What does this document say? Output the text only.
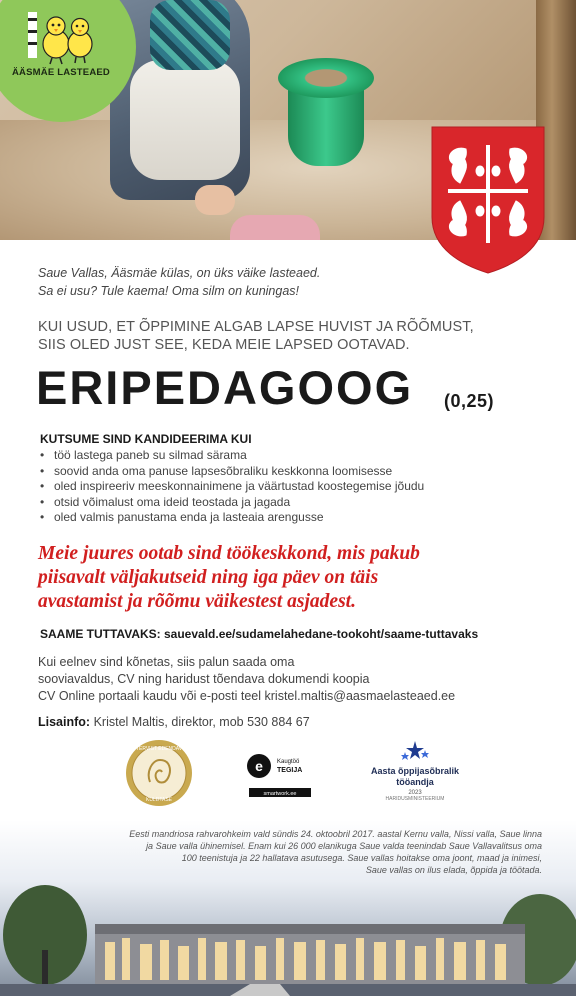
ÄÄSMÄE LASTEAED
Saue Vallas, Ääsmäe külas, on üks väike lasteaed.
Sa ei usu? Tule kaema! Oma silm on kuningas!
KUI USUD, ET ÕPPIMINE ALGAB LAPSE HUVIST JA RÕÕMUST,
SIIS OLED JUST SEE, KEDA MEIE LAPSED OOTAVAD.
ERIPEDAGOOG (0,25)
KUTSUME SIND KANDIDEERIMA KUI
• töö lastega paneb su silmad särama
• soovid anda oma panuse lapsesõbraliku keskkonna loomisesse
• oled inspireeriv meeskonnainimene ja väärtustad koostegemise jõudu
• otsid võimalust oma ideid teostada ja jagada
• oled valmis panustama enda ja lasteaia arengusse
Meie juures ootab sind töökeskkond, mis pakub
piisavalt väljakutseid ning iga päev on täis
avastamist ja rõõmu väikestest asjadest.
SAAME TUTTAVAKS: sauevald.ee/sudamelahedane-tookoht/saame-tuttavaks
Kui eelnev sind kõnetas, siis palun saada oma
sooviavaldus, CV ning haridust tõendava dokumendi koopia
CV Online portaali kaudu või e-posti teel kristel.maltis@aasmaelasteaed.ee
Lisainfo: Kristel Maltis, direktor, mob 530 884 67
TERVIST EDENDAV
KULDTASE
e Kaugtöö
TEGIJA
smartwork.ee
Aasta õppijasõbralik
tööandja
2023
HARIDUSMINISTEERIUM
Eesti mandriosa rahvarohkeim vald sündis 24. oktoobril 2017. aastal Kernu valla, Nissi valla, Saue linna
ja Saue valla ühinemisel. Enam kui 26 000 elanikuga Saue valda teenindab Saue Vallavalitsus oma
100 teenistuja ja 22 hallatava asutusega. Saue vallas hoitakse oma joont, maad ja inimesi,
Saue vallas on ilus elada, õppida ja töötada.
